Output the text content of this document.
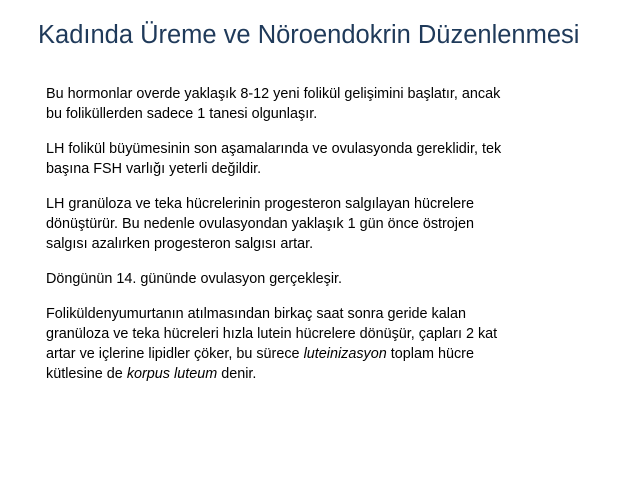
Kadında Üreme ve Nöroendokrin Düzenlenmesi

Bu hormonlar overde yaklaşık 8-12 yeni folikül gelişimini başlatır, ancak
bu foliküllerden sadece 1 tanesi olgunlaşır.

LH folikül büyümesinin son aşamalarında ve ovulasyonda gereklidir, tek
başına FSH varlığı yeterli değildir.

LH granüloza ve teka hücrelerinin progesteron salgılayan hücrelere
dönüştürür. Bu nedenle ovulasyondan yaklaşık 1 gün önce östrojen
salgısı azalırken progesteron salgısı artar.

Döngünün 14. gününde ovulasyon gerçekleşir.

Foliküldenyumurtanın atılmasından birkaç saat sonra geride kalan
granüloza ve teka hücreleri hızla lutein hücrelere dönüşür, çapları 2 kat
artar ve içlerine lipidler çöker, bu sürece luteinizasyon toplam hücre
kütlesine de korpus luteum denir.
